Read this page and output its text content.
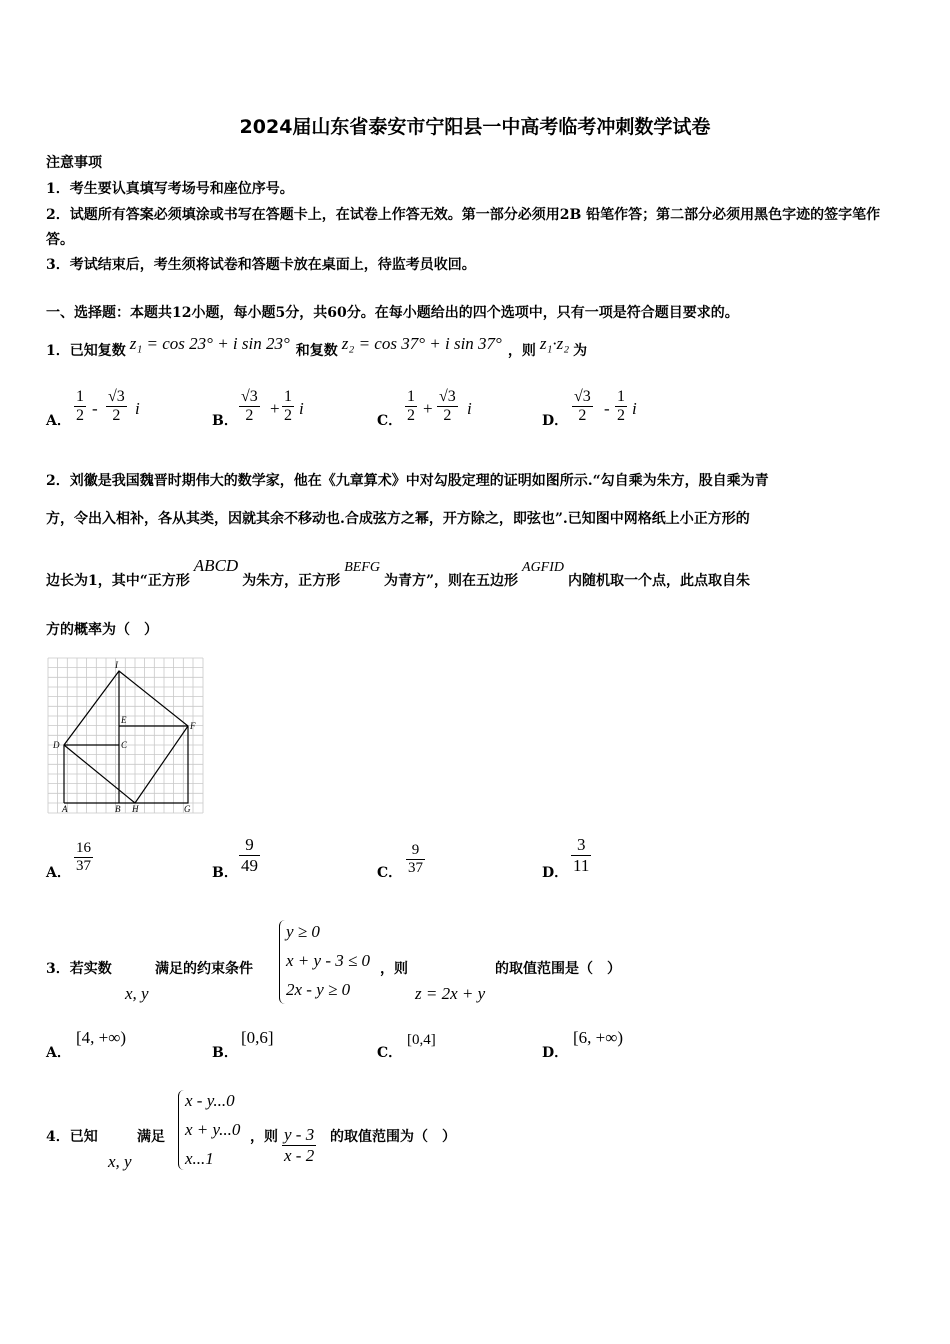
2024届山东省泰安市宁阳县一中高考临考冲刺数学试卷
注意事项
1．考生要认真填写考场号和座位序号。
2．试题所有答案必须填涂或书写在答题卡上，在试卷上作答无效。第一部分必须用2B 铅笔作答；第二部分必须用黑色字迹的签字笔作答。
3．考试结束后，考生须将试卷和答题卡放在桌面上，待监考员收回。
一、选择题：本题共12小题，每小题5分，共60分。在每小题给出的四个选项中，只有一项是符合题目要求的。
1．已知复数 z₁ = cos 23° + i sin 23° 和复数 z₂ = cos 37° + i sin 37° ，则 z₁·z₂ 为
A． $\frac{1}{2} - \frac{√3}{2}$ i
B． $\frac{√3}{2} + \frac{1}{2}$ i
C． $\frac{1}{2} + \frac{√3}{2}$ i
D． $\frac{√3}{2} - \frac{1}{2}$ i
2．刘徽是我国魏晋时期伟大的数学家，他在《九章算术》中对勾股定理的证明如图所示.“勾自乘为朱方，股自乘为青
方，令出入相补，各从其类，因就其余不移动也.合成弦方之幂，开方除之，即弦也”.已知图中网格纸上小正方形的
边长为1，其中“正方形ABCD为朱方，正方形BEFG为青方”，则在五边形AGFID内随机取一个点，此点取自朱
方的概率为（　）
I
E
F
D	C
A	B H	G
A． $\frac{16}{37}$	B． $\frac{9}{49}$	C． $\frac{9}{37}$	D． $\frac{3}{11}$
3．若实数
x, y
满足的约束条件
y ≥ 0
x + y - 3 ≤ 0
2x - y ≥ 0
，则
z = 2x + y
的取值范围是（　）
A．
[4, +∞)
B．
[0,6]
C．
[0,4]
D．
[6, +∞)
4．已知
x, y
满足
x - y...0
x + y...0
x...1
，则 $\frac{y - 3}{x - 2}$ 的取值范围为（　）
